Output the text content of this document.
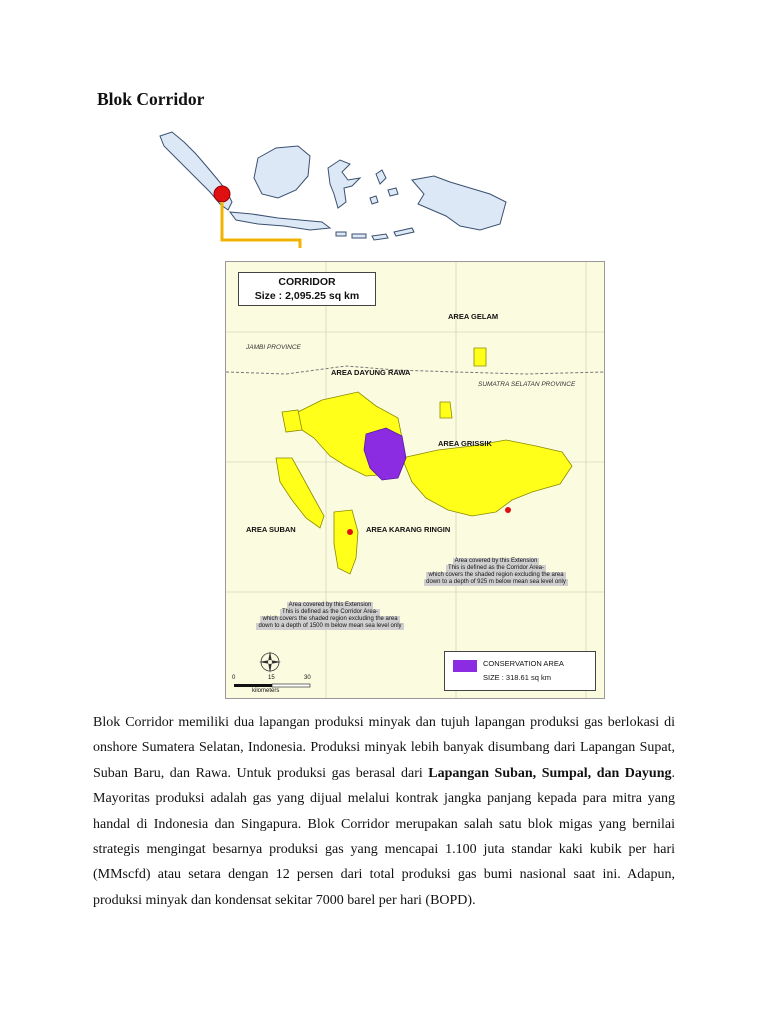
Blok Corridor
CORRIDOR
Size : 2,095.25 sq km
JAMBI PROVINCE
SUMATRA SELATAN PROVINCE
AREA GELAM
AREA DAYUNG RAWA
AREA GRISSIK
AREA SUBAN	AREA KARANG RINGIN
Area covered by this Extension
This is defined as the Corridor Area-
which covers the shaded region excluding the area
down to a depth of 925 m below mean sea level only
Area covered by this Extension
This is defined as the Corridor Area-
which covers the shaded region excluding the area
down to a depth of 1500 m below mean sea level only
CONSERVATION AREA
SIZE : 318.61 sq km
0	15	30
kilometers
Blok Corridor memiliki dua lapangan produksi minyak dan tujuh lapangan produksi gas berlokasi di onshore Sumatera Selatan, Indonesia. Produksi minyak lebih banyak disumbang dari Lapangan Supat, Suban Baru, dan Rawa. Untuk produksi gas berasal dari Lapangan Suban, Sumpal, dan Dayung. Mayoritas produksi adalah gas yang dijual melalui kontrak jangka panjang kepada para mitra yang handal di Indonesia dan Singapura. Blok Corridor merupakan salah satu blok migas yang bernilai strategis mengingat besarnya produksi gas yang mencapai 1.100 juta standar kaki kubik per hari (MMscfd) atau setara dengan 12 persen dari total produksi gas bumi nasional saat ini. Adapun, produksi minyak dan kondensat sekitar 7000 barel per hari (BOPD).
